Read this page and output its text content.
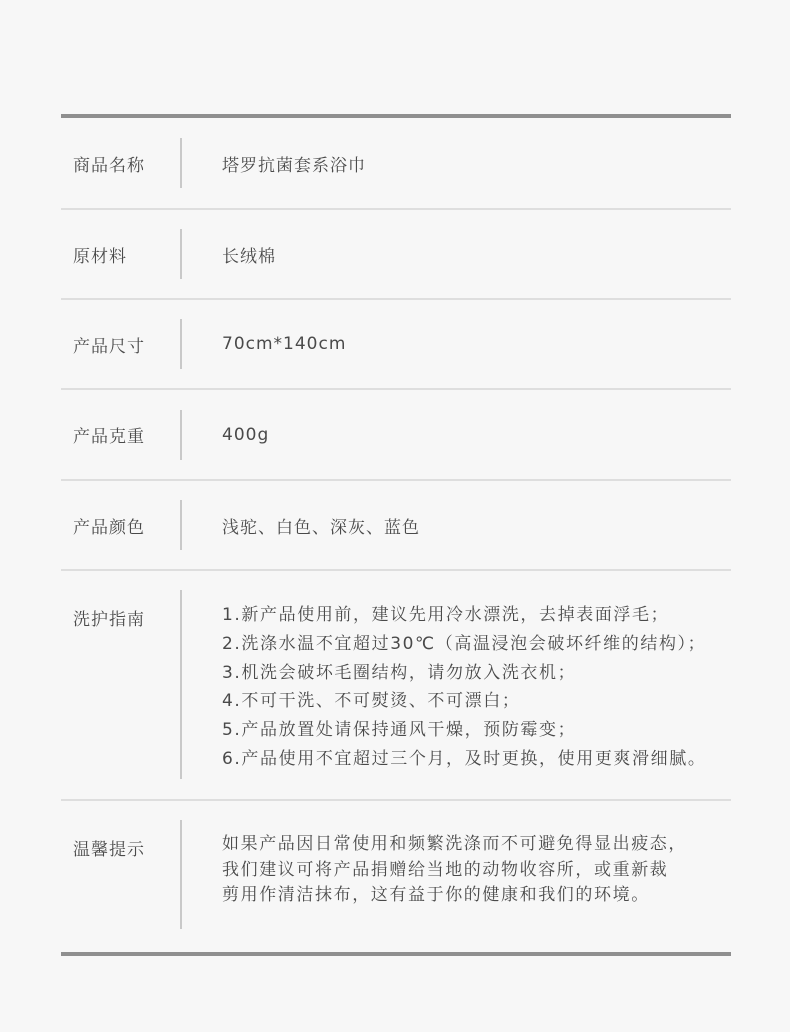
商品名称	塔罗抗菌套系浴巾
原材料	长绒棉
产品尺寸	70cm*140cm
产品克重	400g
产品颜色	浅驼、白色、深灰、蓝色
洗护指南	1.新产品使用前，建议先用冷水漂洗，去掉表面浮毛；
2.洗涤水温不宜超过30℃（高温浸泡会破坏纤维的结构）；
3.机洗会破坏毛圈结构，请勿放入洗衣机；
4.不可干洗、不可熨烫、不可漂白；
5.产品放置处请保持通风干燥，预防霉变；
6.产品使用不宜超过三个月，及时更换，使用更爽滑细腻。
温馨提示	如果产品因日常使用和频繁洗涤而不可避免得显出疲态，
我们建议可将产品捐赠给当地的动物收容所，或重新裁
剪用作清洁抹布，这有益于你的健康和我们的环境。
